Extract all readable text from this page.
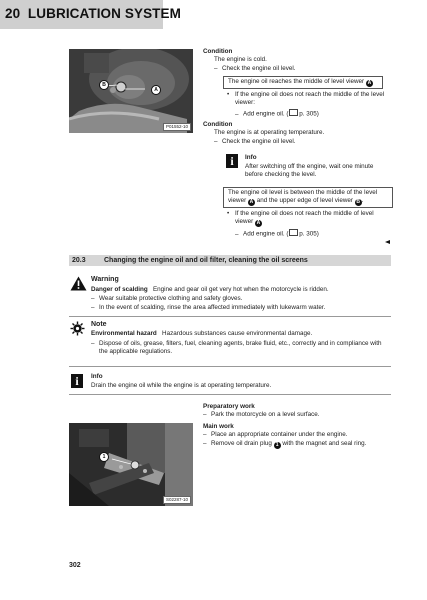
20 LUBRICATION SYSTEM
B
A
P01552-10
Condition
The engine is cold.
– Check the engine oil level.
The engine oil reaches the middle of level viewer A
• If the engine oil does not reach the middle of the level
viewer:
– Add engine oil. ( p. 305)
Condition
The engine is at operating temperature.
– Check the engine oil level.
i	Info
After switching off the engine, wait one minute
before checking the level.
The engine oil level is between the middle of the level
viewer A and the upper edge of level viewer B .
• If the engine oil does not reach the middle of level
viewer A
– Add engine oil. ( p. 305)
20.3	Changing the engine oil and oil filter, cleaning the oil screens
Warning
Danger of scalding Engine and gear oil get very hot when the motorcycle is ridden.
– Wear suitable protective clothing and safety gloves.
– In the event of scalding, rinse the area affected immediately with lukewarm water.
Note
Environmental hazard Hazardous substances cause environmental damage.
– Dispose of oils, grease, filters, fuel, cleaning agents, brake fluid, etc., correctly and in compliance with
the applicable regulations.
i	Info
Drain the engine oil while the engine is at operating temperature.
Preparatory work
– Park the motorcycle on a level surface.
Main work
– Place an appropriate container under the engine.
– Remove oil drain plug 1 with the magnet and seal ring.
1
S02287-10
302
